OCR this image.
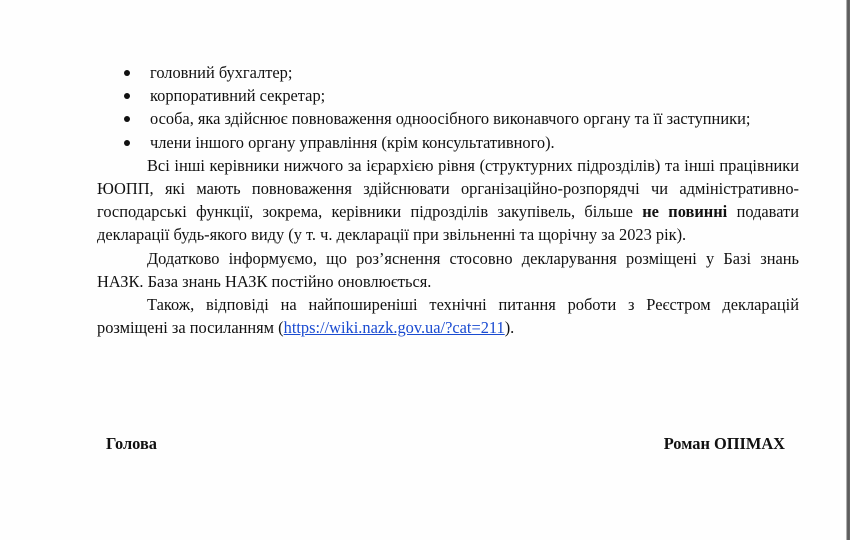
головний бухгалтер;
корпоративний секретар;
особа, яка здійснює повноваження одноосібного виконавчого органу та її заступники;
члени іншого органу управління (крім консультативного).

Всі інші керівники нижчого за ієрархією рівня (структурних підрозділів) та інші працівники ЮОПП, які мають повноваження здійснювати організаційно-розпорядчі чи адміністративно-господарські функції, зокрема, керівники підрозділів закупівель, більше не повинні подавати декларації будь-якого виду (у т. ч. декларації при звільненні та щорічну за 2023 рік).

Додатково інформуємо, що роз’яснення стосовно декларування розміщені у Базі знань НАЗК. База знань НАЗК постійно оновлюється.

Також, відповіді на найпоширеніші технічні питання роботи з Реєстром декларацій розміщені за посиланням (https://wiki.nazk.gov.ua/?cat=211).

Голова	Роман ОПІМАХ
